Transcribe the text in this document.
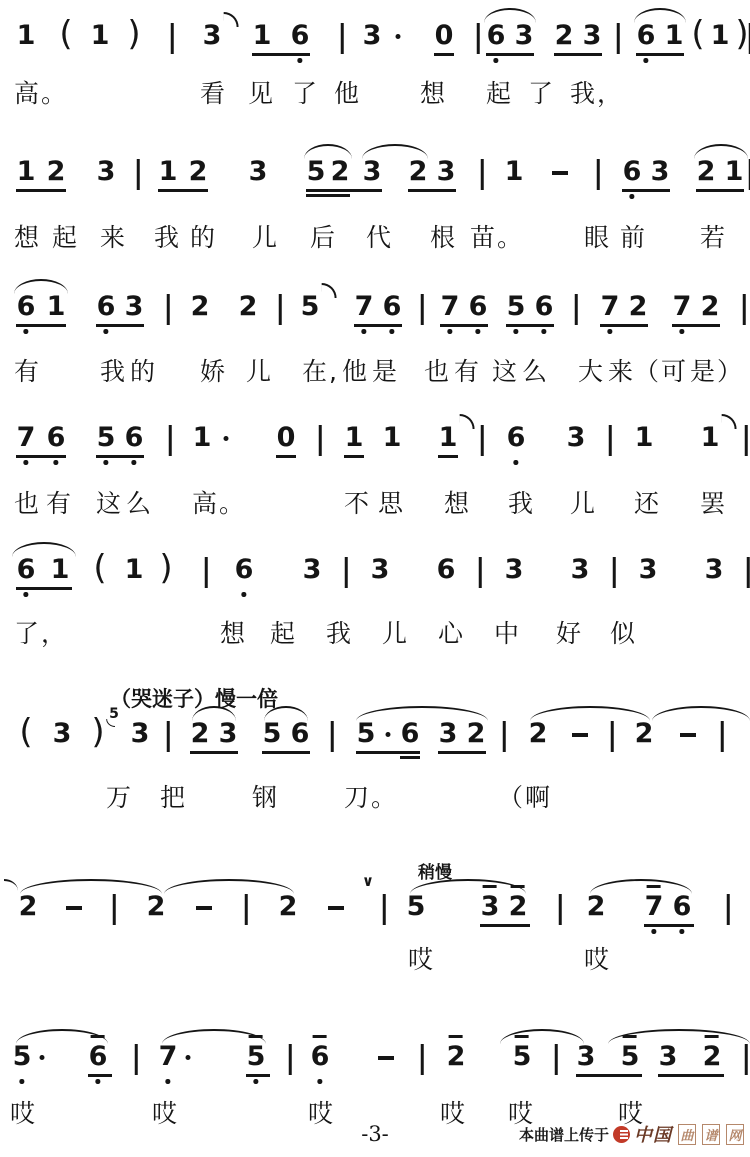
-3-	本曲谱上传于 中国 曲 谱 网
1 ( 1 ) 3 1 6 3 0 6 3 2 3 6 1 ( 1 )
高。	看 见 了 他 想 起 了 我，
1 2 3 1 2 3 5 2 3 2 3 1	6 3 2 1
想 起 来 我 的 儿 后 代 根 苗。 眼 前 若
6 1 6 3 2 2 5 7 6 7 6 5 6 7 2 7 2
有 我 的 娇 儿 在, 他 是 也 有 这 么 大 来
（可 是）
7 6 5 6 1 0 1 1 1 6 3 1 1
也 有 这 么 高。	不 思 想 我 儿 还 罢
6 1 ( 1 ) 6 3 3 6 3 3 3 3
了，	想 起 我 儿 心 中 好 似
( 3 ) 5
3 2 3 5 6 5 6 3 2 2	2
万 把	钢	刀。	（啊
（哭迷子）慢一倍
2	2	2
∨
5 3 2 2 7 6
哎	哎
稍慢
5 6 7	5 6	2 5 3 5 3 2
哎	哎	哎	哎 哎	哎
